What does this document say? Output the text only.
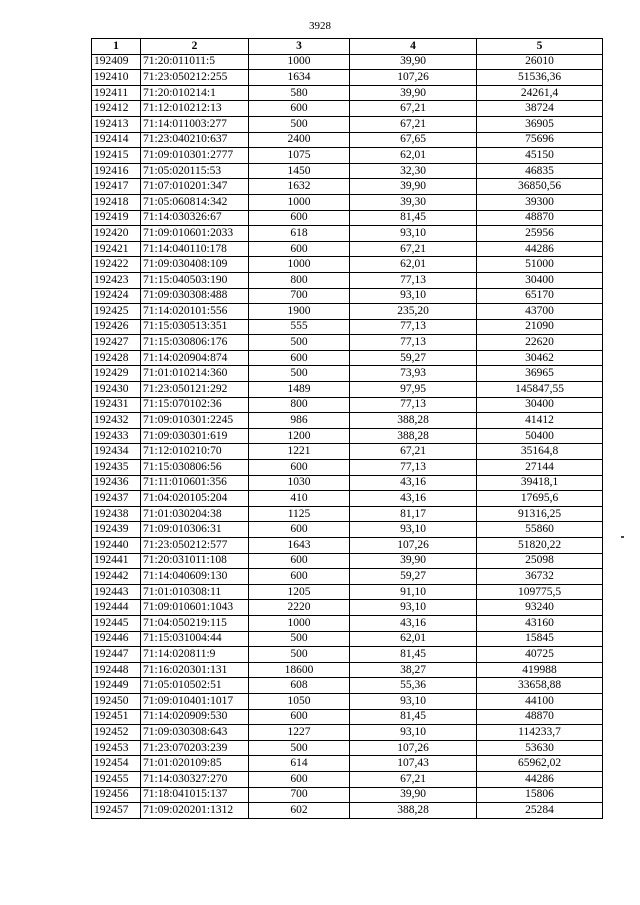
3928
1	2	3	4	5
192409	71:20:011011:5	1000	39,90	26010
192410	71:23:050212:255	1634	107,26	51536,36
192411	71:20:010214:1	580	39,90	24261,4
192412	71:12:010212:13	600	67,21	38724
192413	71:14:011003:277	500	67,21	36905
192414	71:23:040210:637	2400	67,65	75696
192415	71:09:010301:2777	1075	62,01	45150
192416	71:05:020115:53	1450	32,30	46835
192417	71:07:010201:347	1632	39,90	36850,56
192418	71:05:060814:342	1000	39,30	39300
192419	71:14:030326:67	600	81,45	48870
192420	71:09:010601:2033	618	93,10	25956
192421	71:14:040110:178	600	67,21	44286
192422	71:09:030408:109	1000	62,01	51000
192423	71:15:040503:190	800	77,13	30400
192424	71:09:030308:488	700	93,10	65170
192425	71:14:020101:556	1900	235,20	43700
192426	71:15:030513:351	555	77,13	21090
192427	71:15:030806:176	500	77,13	22620
192428	71:14:020904:874	600	59,27	30462
192429	71:01:010214:360	500	73,93	36965
192430	71:23:050121:292	1489	97,95	145847,55
192431	71:15:070102:36	800	77,13	30400
192432	71:09:010301:2245	986	388,28	41412
192433	71:09:030301:619	1200	388,28	50400
192434	71:12:010210:70	1221	67,21	35164,8
192435	71:15:030806:56	600	77,13	27144
192436	71:11:010601:356	1030	43,16	39418,1
192437	71:04:020105:204	410	43,16	17695,6
192438	71:01:030204:38	1125	81,17	91316,25
192439	71:09:010306:31	600	93,10	55860
192440	71:23:050212:577	1643	107,26	51820,22
192441	71:20:031011:108	600	39,90	25098
192442	71:14:040609:130	600	59,27	36732
192443	71:01:010308:11	1205	91,10	109775,5
192444	71:09:010601:1043	2220	93,10	93240
192445	71:04:050219:115	1000	43,16	43160
192446	71:15:031004:44	500	62,01	15845
192447	71:14:020811:9	500	81,45	40725
192448	71:16:020301:131	18600	38,27	419988
192449	71:05:010502:51	608	55,36	33658,88
192450	71:09:010401:1017	1050	93,10	44100
192451	71:14:020909:530	600	81,45	48870
192452	71:09:030308:643	1227	93,10	114233,7
192453	71:23:070203:239	500	107,26	53630
192454	71:01:020109:85	614	107,43	65962,02
192455	71:14:030327:270	600	67,21	44286
192456	71:18:041015:137	700	39,90	15806
192457	71:09:020201:1312	602	388,28	25284
